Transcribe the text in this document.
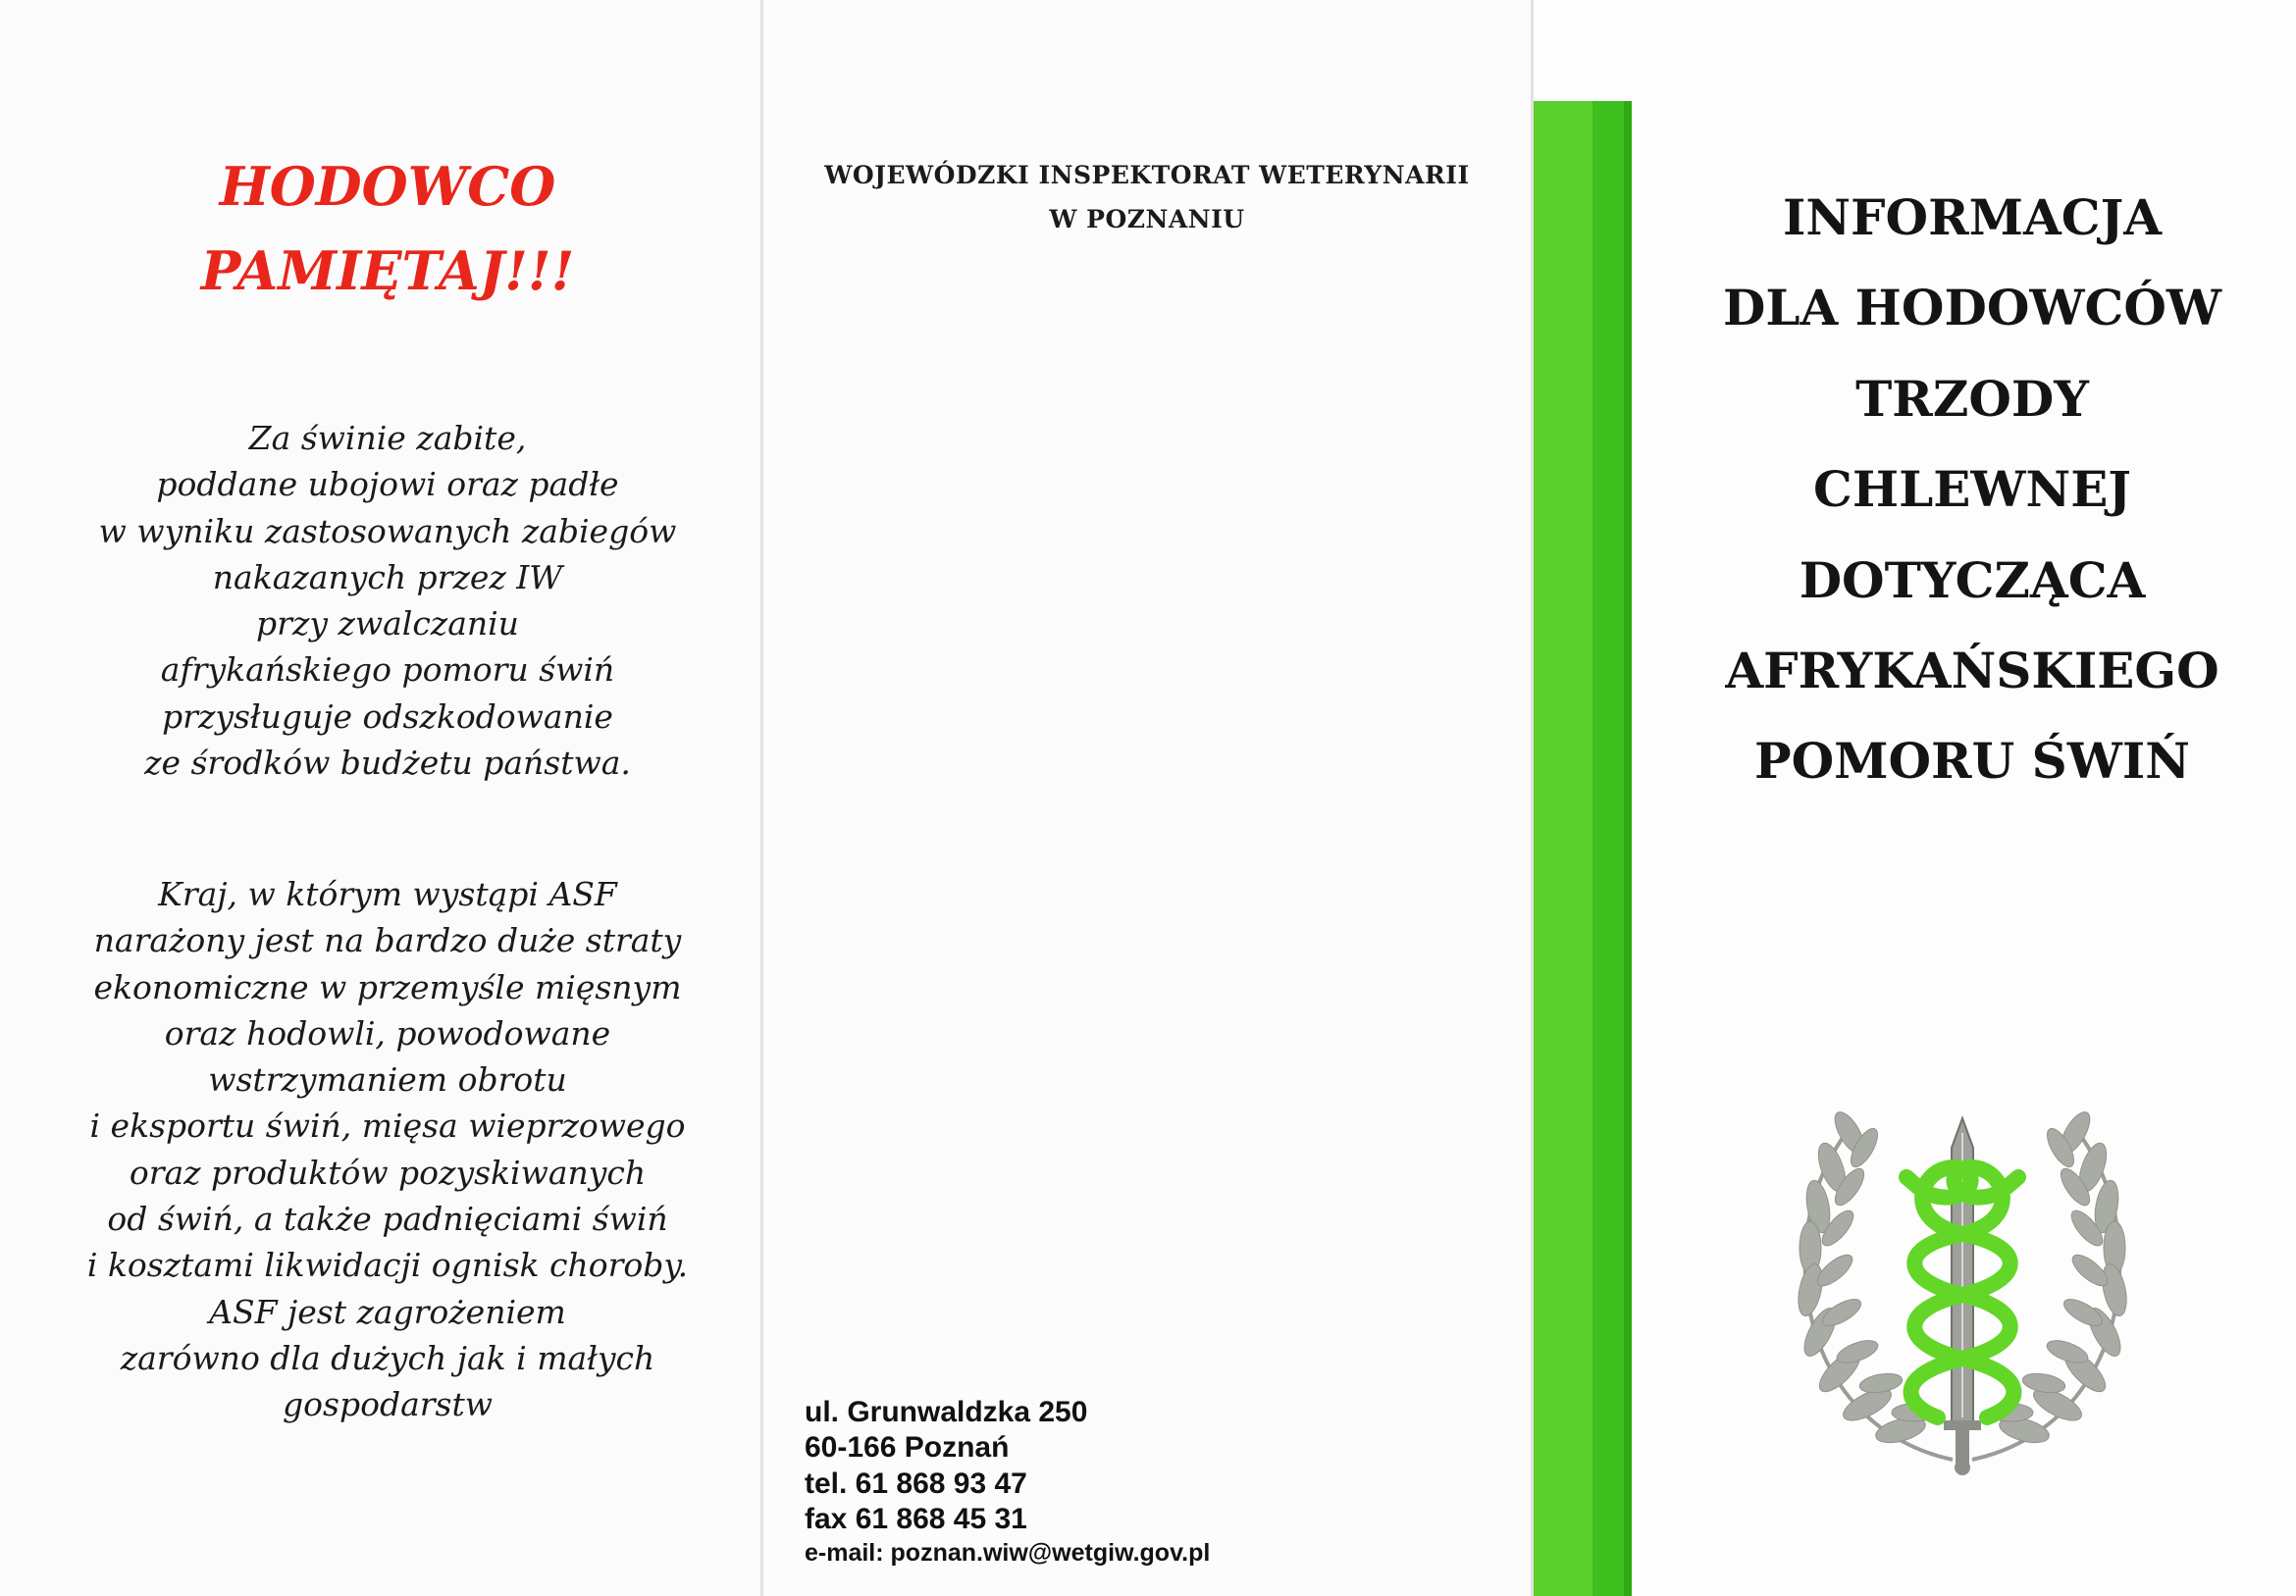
HODOWCO
PAMIĘTAJ!!!

Za świnie zabite,
poddane ubojowi oraz padłe
w wyniku zastosowanych zabiegów
nakazanych przez IW
przy zwalczaniu
afrykańskiego pomoru świń
przysługuje odszkodowanie
ze środków budżetu państwa.

Kraj, w którym wystąpi ASF
narażony jest na bardzo duże straty
ekonomiczne w przemyśle mięsnym
oraz hodowli, powodowane
wstrzymaniem obrotu
i eksportu świń, mięsa wieprzowego
oraz produktów pozyskiwanych
od świń, a także padnięciami świń
i kosztami likwidacji ognisk choroby.
ASF jest zagrożeniem
zarówno dla dużych jak i małych
gospodarstw

WOJEWÓDZKI INSPEKTORAT WETERYNARII

W POZNANIU

ul. Grunwaldzka 250

60-166 Poznań

tel. 61 868 93 47

fax 61 868 45 31

e-mail: poznan.wiw@wetgiw.gov.pl

INFORMACJA

DLA HODOWCÓW

TRZODY

CHLEWNEJ

DOTYCZĄCA

AFRYKAŃSKIEGO

POMORU ŚWIŃ
